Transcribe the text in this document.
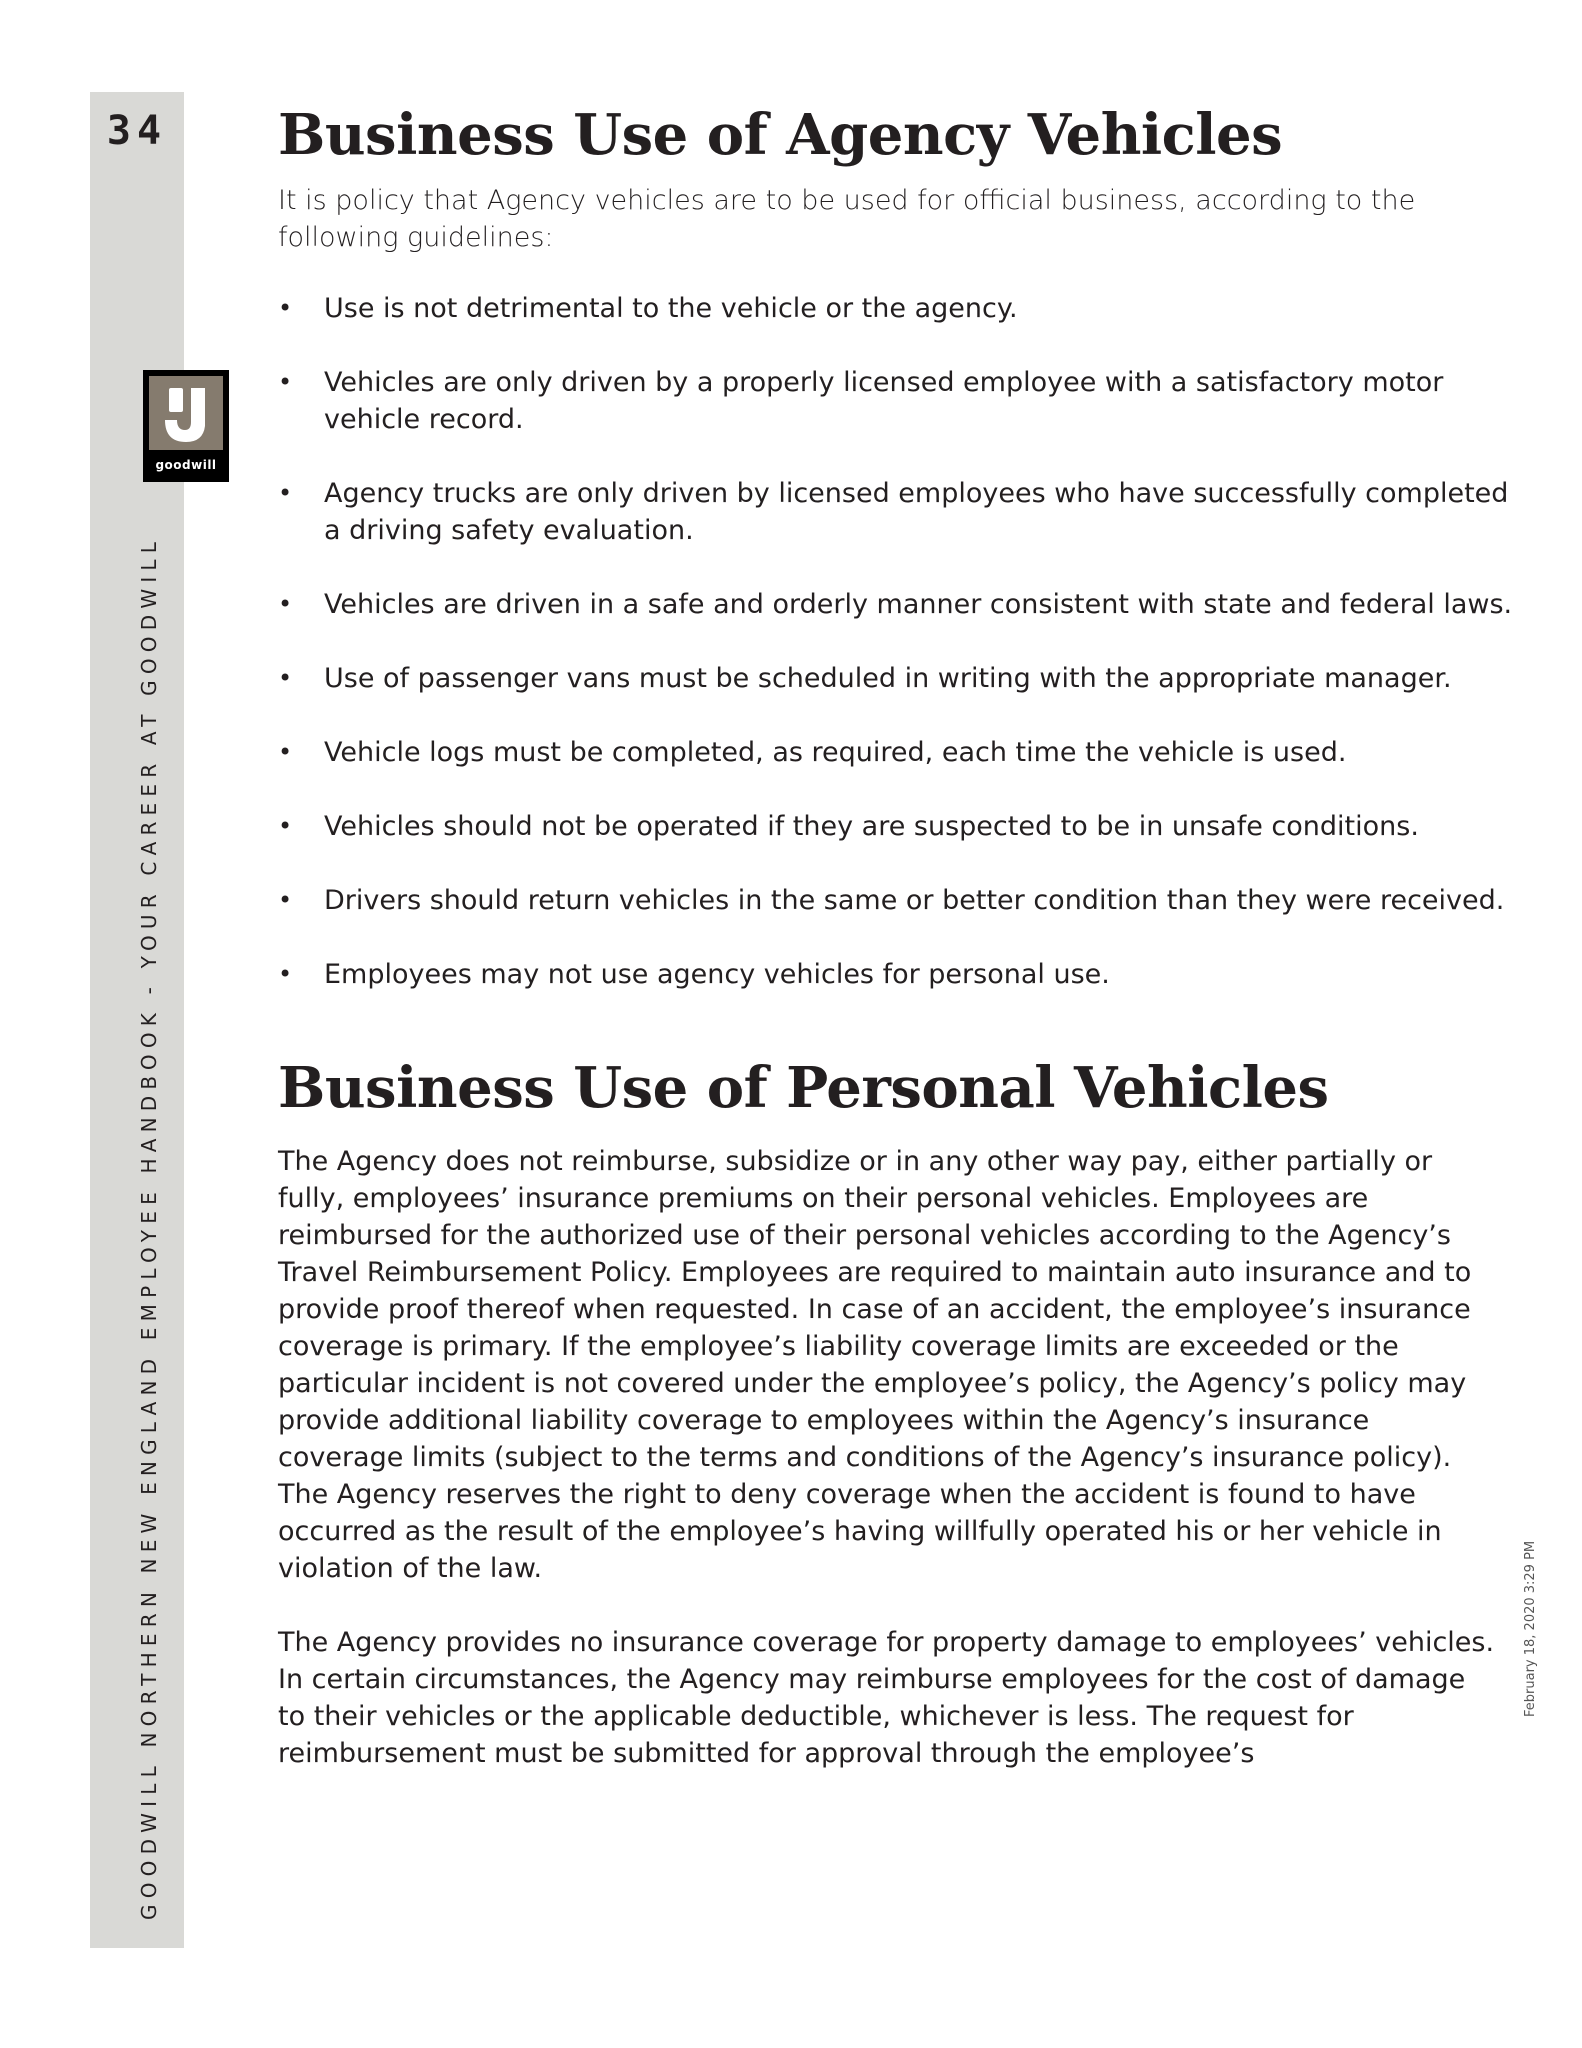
34
goodwill
GOODWILL NORTHERN NEW ENGLAND EMPLOYEE HANDBOOK - YOUR CAREER AT GOODWILL	February 18, 2020 3:29 PM
Business Use of Agency Vehicles

It is policy that Agency vehicles are to be used for official business, according to the following guidelines:

• Use is not detrimental to the vehicle or the agency.
• Vehicles are only driven by a properly licensed employee with a satisfactory motor vehicle record.
• Agency trucks are only driven by licensed employees who have successfully completed a driving safety evaluation.
• Vehicles are driven in a safe and orderly manner consistent with state and federal laws.
• Use of passenger vans must be scheduled in writing with the appropriate manager.
• Vehicle logs must be completed, as required, each time the vehicle is used.
• Vehicles should not be operated if they are suspected to be in unsafe conditions.
• Drivers should return vehicles in the same or better condition than they were received.
• Employees may not use agency vehicles for personal use.
Business Use of Personal Vehicles

The Agency does not reimburse, subsidize or in any other way pay, either partially or fully, employees’ insurance premiums on their personal vehicles. Employees are reimbursed for the authorized use of their personal vehicles according to the Agency’s Travel Reimbursement Policy. Employees are required to maintain auto insurance and to provide proof thereof when requested. In case of an accident, the employee’s insurance coverage is primary. If the employee’s liability coverage limits are exceeded or the particular incident is not covered under the employee’s policy, the Agency’s policy may provide additional liability coverage to employees within the Agency’s insurance coverage limits (subject to the terms and conditions of the Agency’s insurance policy). The Agency reserves the right to deny coverage when the accident is found to have occurred as the result of the employee’s having willfully operated his or her vehicle in violation of the law.

The Agency provides no insurance coverage for property damage to employees’ vehicles. In certain circumstances, the Agency may reimburse employees for the cost of damage to their vehicles or the applicable deductible, whichever is less. The request for reimbursement must be submitted for approval through the employee’s
